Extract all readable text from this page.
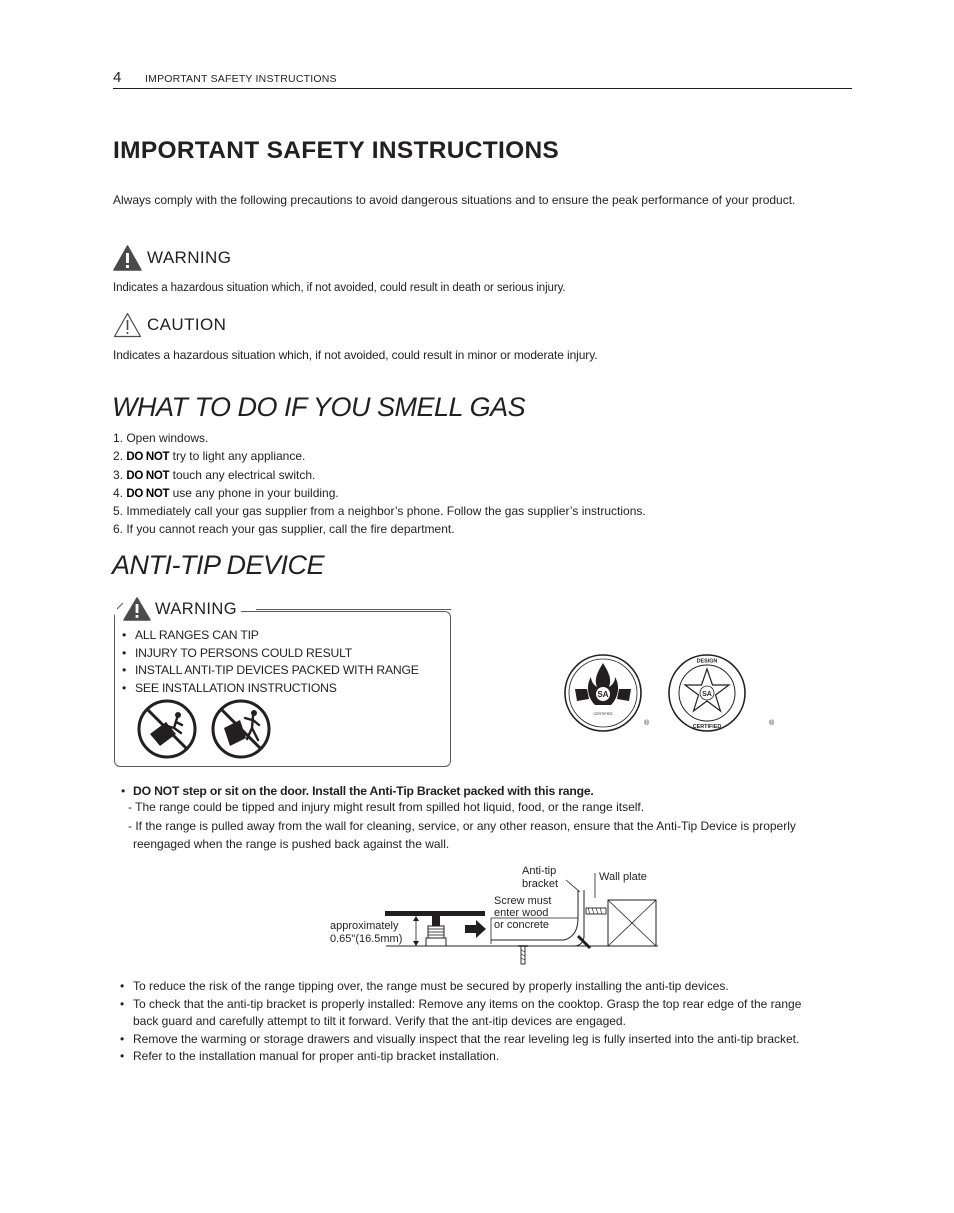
4 IMPORTANT SAFETY INSTRUCTIONS
IMPORTANT SAFETY INSTRUCTIONS
Always comply with the following precautions to avoid dangerous situations and to ensure the peak performance of your product.
WARNING
Indicates a hazardous situation which, if not avoided, could result in death or serious injury.
CAUTION
Indicates a hazardous situation which, if not avoided, could result in minor or moderate injury.
WHAT TO DO IF YOU SMELL GAS
1. Open windows.
2. DO NOT try to light any appliance.
3. DO NOT touch any electrical switch.
4. DO NOT use any phone in your building.
5. Immediately call your gas supplier from a neighbor’s phone. Follow the gas supplier’s instructions.
6. If you cannot reach your gas supplier, call the fire department.
ANTI-TIP DEVICE
WARNING
• ALL RANGES CAN TIP
• INJURY TO PERSONS COULD RESULT
• INSTALL ANTI-TIP DEVICES PACKED WITH RANGE
• SEE INSTALLATION INSTRUCTIONS	SA
CERTIFIED
®
SA
DESIGN
CERTIFIED	®
• DO NOT step or sit on the door. Install the Anti-Tip Bracket packed with this range.
- The range could be tipped and injury might result from spilled hot liquid, food, or the range itself.
- If the range is pulled away from the wall for cleaning, service, or any other reason, ensure that the Anti-Tip Device is properly
reengaged when the range is pushed back against the wall.
approximately
0.65"(16.5mm)
Anti-tip
bracket
Wall plate
Screw must
enter wood
or concrete
• To reduce the risk of the range tipping over, the range must be secured by properly installing the anti-tip devices.
• To check that the anti-tip bracket is properly installed: Remove any items on the cooktop. Grasp the top rear edge of the range back guard and carefully attempt to tilt it forward. Verify that the ant-itip devices are engaged.
• Remove the warming or storage drawers and visually inspect that the rear leveling leg is fully inserted into the anti-tip bracket.
• Refer to the installation manual for proper anti-tip bracket installation.
